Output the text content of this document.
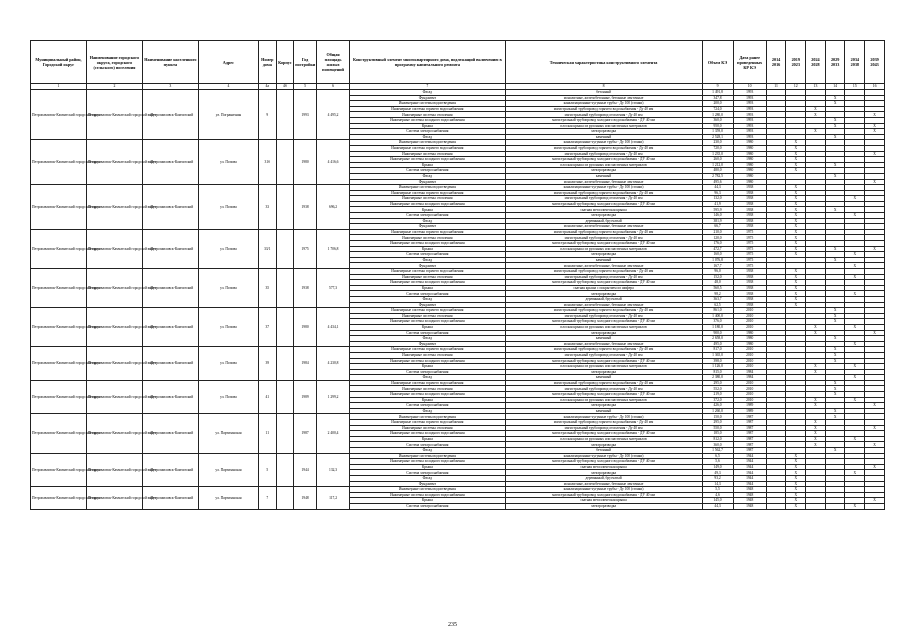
Муниципальный район, Городской округ	Наименование городского округа, городского (сельского) поселения	Наименование населенного пункта	Адрес	Номер дома	Корпус	Год постройки	Общая площадь жилых помещений	Конструктивный элемент многоквартирного дома, подлежащий включению в программу капитального ремонта	Техническая характеристика конструктивного элемента	Объем КЭ	Дата ранее проведенных КР КЭ	2014 2016	2019 2023	2024 2028	2029 2033	2034 2038	2039 2043
1	2	3	4	4а	4б	5	6	7	8	9	10	11	12	13	14	15	16
Петропавловск-Камчатский городской округ	Петропавловск-Камчатский городской округ	г. Петропавловск-Камчатский	ул. Пограничная	9		1993	4 495,2	Фасад	бетонный	1 491,8	1993						
								Фундамент	монолитные, железобетонные, бетонные ленточные	347,8	1993				X		
								Инженерные системы водоотведения	канализационные чугунные трубы - Ду 100 (стояки)	200,0	1993				X		
								Инженерные системы горячего водоснабжения	магистральный трубопровод горячего водоснабжения - Ду 40 мм	724,0	1993			X			
								Инженерные системы отопления	магистральный трубопровод отопления - Ду 40 мм	1 280,0	1993			X			X
								Инженерные системы холодного водоснабжения	магистральный трубопровод холодного водоснабжения - ДУ 40 мм	360,0	1993				X		
								Крыша	плоская крыша из рулонных или мастичных материалов	950,0	1993				X		X
								Система электроснабжения	электроразводка	1 359,0	1993			X			X
								Фасад	каменный	2 528,1	1993				X		
Петропавловск-Камчатский городской округ	Петропавловск-Камчатский городской округ	г. Петропавловск-Камчатский	ул. Попова	31б		1980	4 416,6	Инженерные системы водоотведения	канализационные чугунные трубы - Ду 100 (стояки)	230,0	1980		X				
								Инженерные системы горячего водоснабжения	магистральный трубопровод горячего водоснабжения - Ду 40 мм	720,0	1980		X				
								Инженерные системы отопления	магистральный трубопровод отопления - Ду 40 мм	1 235,0	1980		X				X
								Инженерные системы холодного водоснабжения	магистральный трубопровод холодного водоснабжения - ДУ 40 мм	260,0	1980		X				
								Крыша	плоская крыша из рулонных или мастичных материалов	1 212,0	1980		X		X		
								Система электроснабжения	электроразводка	480,0	1980		X				
								Фасад	каменный	2 782,5	1980				X		
								Фундамент	монолитные, железобетонные, бетонные ленточные	495,6	1980						X
Петропавловск-Камчатский городской округ	Петропавловск-Камчатский городской округ	г. Петропавловск-Камчатский	ул. Попова	33		1938	696,2	Инженерные системы водоотведения	канализационные чугунные трубы - Ду 100 (стояки)	44,3	1938		X				
								Инженерные системы горячего водоснабжения	магистральный трубопровод горячего водоснабжения - Ду 40 мм	96,3	1938		X				
								Инженерные системы отопления	магистральный трубопровод отопления - Ду 40 мм	132,0	1938		X			X	
								Инженерные системы холодного водоснабжения	магистральный трубопровод холодного водоснабжения - ДУ 40 мм	41,9	1938		X				
								Крыша	скатная металлическая крыша	595,9	1938		X		X		
								Система электроснабжения	электроразводка	146,0	1938		X			X	
								Фасад	деревянный, брусчатый	381,9	1938		X				
								Фундамент	монолитные, железобетонные, бетонные ленточные	66,7	1938		X				
Петропавловск-Камчатский городской округ	Петропавловск-Камчатский городской округ	г. Петропавловск-Камчатский	ул. Попова	33/1		1975	1 706,8	Инженерные системы горячего водоснабжения	магистральный трубопровод горячего водоснабжения - Ду 40 мм	210,0	1975		X				
								Инженерные системы отопления	магистральный трубопровод отопления - Ду 40 мм	120,0	1975		X				
								Инженерные системы холодного водоснабжения	магистральный трубопровод холодного водоснабжения - ДУ 40 мм	176,0	1975		X				
								Крыша	плоская крыша из рулонных или мастичных материалов	472,7	1975		X		X		X
								Система электроснабжения	электроразводка	160,0	1975		X			X	
								Фасад	каменный	1 076,8	1975				X		
								Фундамент	монолитные, железобетонные, бетонные ленточные	167,7	1975					X	
Петропавловск-Камчатский городской округ	Петропавловск-Камчатский городской округ	г. Петропавловск-Камчатский	ул. Попова	35		1938	577,3	Инженерные системы горячего водоснабжения	магистральный трубопровод горячего водоснабжения - Ду 40 мм	96,0	1938		X				
								Инженерные системы отопления	магистральный трубопровод отопления - Ду 40 мм	152,0	1938		X			X	
								Инженерные системы холодного водоснабжения	магистральный трубопровод холодного водоснабжения - ДУ 40 мм	48,0	1938		X				
								Крыша	скатная крыша с покрытием из шифера	560,5	1938		X				
								Система электроснабжения	электроразводка	98,2	1938		X			X	
								Фасад	деревянный, брусчатый	363,7	1938		X				
								Фундамент	монолитные, железобетонные, бетонные ленточные	62,5	1938		X				
Петропавловск-Камчатский городской округ	Петропавловск-Камчатский городской округ	г. Петропавловск-Камчатский	ул. Попова	37		1980	4 434,1	Инженерные системы горячего водоснабжения	магистральный трубопровод горячего водоснабжения - Ду 40 мм	861,0	2010				X		
								Инженерные системы отопления	магистральный трубопровод отопления - Ду 40 мм	1 400,0	2010				X		
								Инженерные системы холодного водоснабжения	магистральный трубопровод холодного водоснабжения - ДУ 40 мм	376,0	2010				X		
								Крыша	плоская крыша из рулонных или мастичных материалов	1 180,0	2010			X		X	
								Система электроснабжения	электроразводка	900,0	1980			X			X
								Фасад	каменный	2 658,0	1980				X		
								Фундамент	монолитные, железобетонные, бетонные ленточные	495,0	1980					X	
Петропавловск-Камчатский городской округ	Петропавловск-Камчатский городской округ	г. Петропавловск-Камчатский	ул. Попова	39		1984	4 230,8	Инженерные системы горячего водоснабжения	магистральный трубопровод горячего водоснабжения - Ду 40 мм	817,0	2010				X		
								Инженерные системы отопления	магистральный трубопровод отопления - Ду 40 мм	1 365,0	2010				X		
								Инженерные системы холодного водоснабжения	магистральный трубопровод холодного водоснабжения - ДУ 40 мм	398,0	2010				X		
								Крыша	плоская крыша из рулонных или мастичных материалов	1 126,0	2010			X		X	
								Система электроснабжения	электроразводка	815,0	1984			X			
								Фасад	каменный	2 380,0	1984					X	
Петропавловск-Камчатский городской округ	Петропавловск-Камчатский городской округ	г. Петропавловск-Камчатский	ул. Попова	41		1989	1 299,2	Инженерные системы горячего водоснабжения	магистральный трубопровод горячего водоснабжения - Ду 40 мм	295,0	2010				X		
								Инженерные системы отопления	магистральный трубопровод отопления - Ду 40 мм	552,0	2010				X		
								Инженерные системы холодного водоснабжения	магистральный трубопровод холодного водоснабжения - ДУ 40 мм	219,0	2010				X		
								Крыша	плоская крыша из рулонных или мастичных материалов	372,0	2010			X		X	
								Система электроснабжения	электроразводка	426,0	1989			X			X
								Фасад	каменный	1 260,0	1989				X		
Петропавловск-Камчатский городской округ	Петропавловск-Камчатский городской округ	г. Петропавловск-Камчатский	ул. Партизанская	11		1987	2 400,4	Инженерные системы водоотведения	канализационные чугунные трубы - Ду 100 (стояки)	150,0	1987				X		
								Инженерные системы горячего водоснабжения	магистральный трубопровод горячего водоснабжения - Ду 40 мм	295,0	1987			X			
								Инженерные системы отопления	магистральный трубопровод отопления - Ду 40 мм	550,0	1987			X			X
								Инженерные системы холодного водоснабжения	магистральный трубопровод холодного водоснабжения - ДУ 40 мм	185,0	1987			X			
								Крыша	плоская крыша из рулонных или мастичных материалов	812,0	1987			X		X	
								Система электроснабжения	электроразводка	360,0	1987			X			X
								Фасад	бетонный	1 562,7	1987				X		
Петропавловск-Камчатский городской округ	Петропавловск-Камчатский городской округ	г. Петропавловск-Камчатский	ул. Партизанская	5		1944	132,3	Инженерные системы водоотведения	канализационные чугунные трубы - Ду 100 (стояки)	6,5	1944		X				
								Инженерные системы холодного водоснабжения	магистральный трубопровод холодного водоснабжения - ДУ 40 мм	5,6	1944		X				
								Крыша	скатная металлическая крыша	149,0	1944		X				X
								Система электроснабжения	электроразводка	49,3	1944		X			X	
								Фасад	деревянный, брусчатый	93,2	1944		X				
								Фундамент	монолитные, железобетонные, бетонные ленточные	14,3	1944		X				
Петропавловск-Камчатский городской округ	Петропавловск-Камчатский городской округ	г. Петропавловск-Камчатский	ул. Партизанская	7		1948	117,2	Инженерные системы водоотведения	канализационные чугунные трубы - Ду 100 (стояки)	5,5	1948		X				
								Инженерные системы холодного водоснабжения	магистральный трубопровод холодного водоснабжения - ДУ 40 мм	4,6	1948		X				
								Крыша	скатная металлическая крыша	145,0	1948		X				X
								Система электроснабжения	электроразводка	44,3	1948		X			X	
235
